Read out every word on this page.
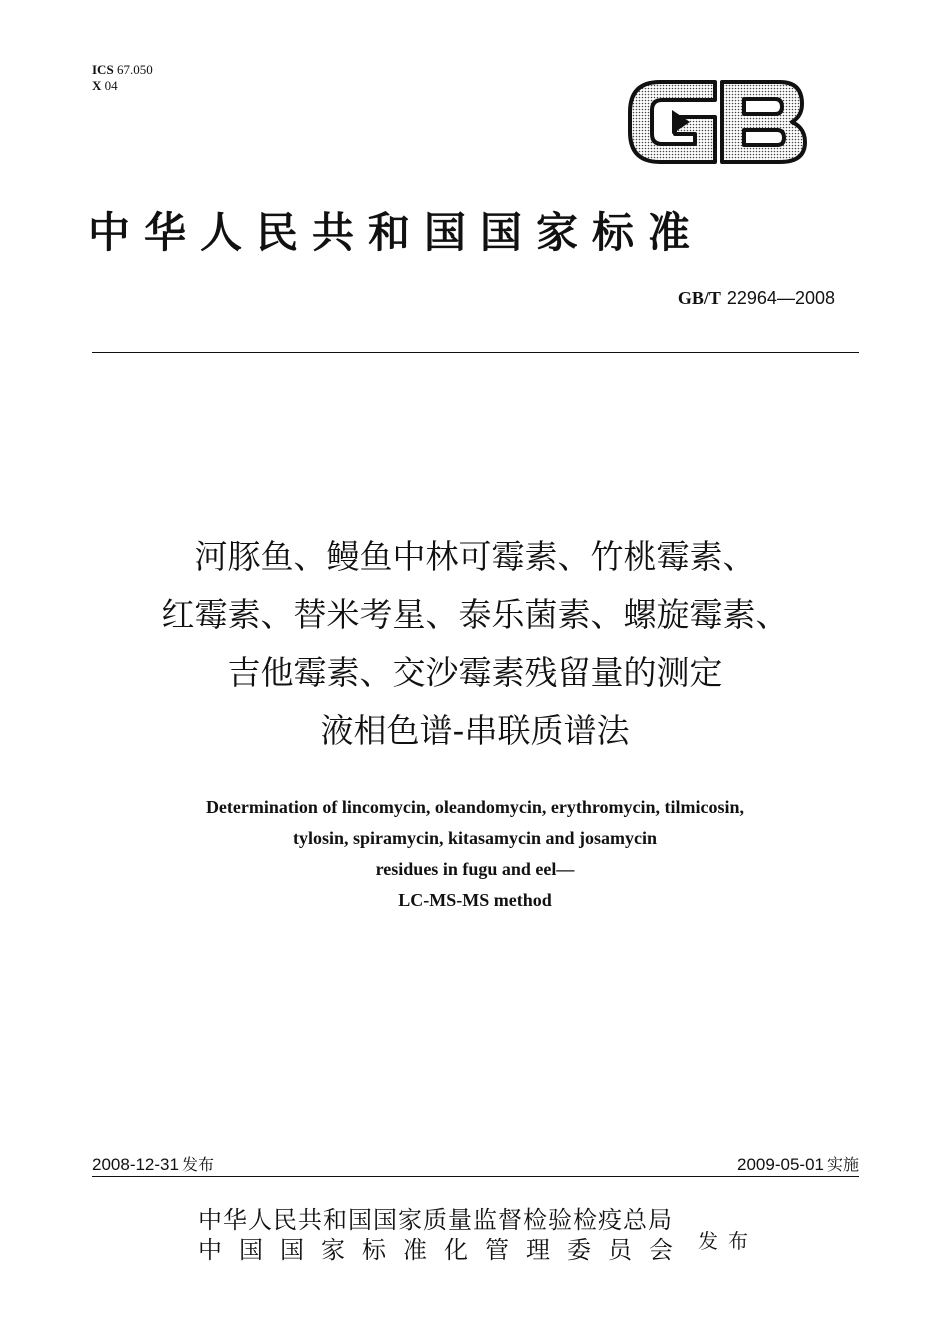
ICS 67.050
X 04
中华人民共和国国家标准
GB/T 22964—2008
河豚鱼、鳗鱼中林可霉素、竹桃霉素、
红霉素、替米考星、泰乐菌素、螺旋霉素、
吉他霉素、交沙霉素残留量的测定
液相色谱-串联质谱法
Determination of lincomycin, oleandomycin, erythromycin, tilmicosin,
tylosin, spiramycin, kitasamycin and josamycin
residues in fugu and eel—
LC-MS-MS method
2008-12-31 发布	2009-05-01 实施
中华人民共和国国家质量监督检验检疫总局
中国国家标准化管理委员会 发布
